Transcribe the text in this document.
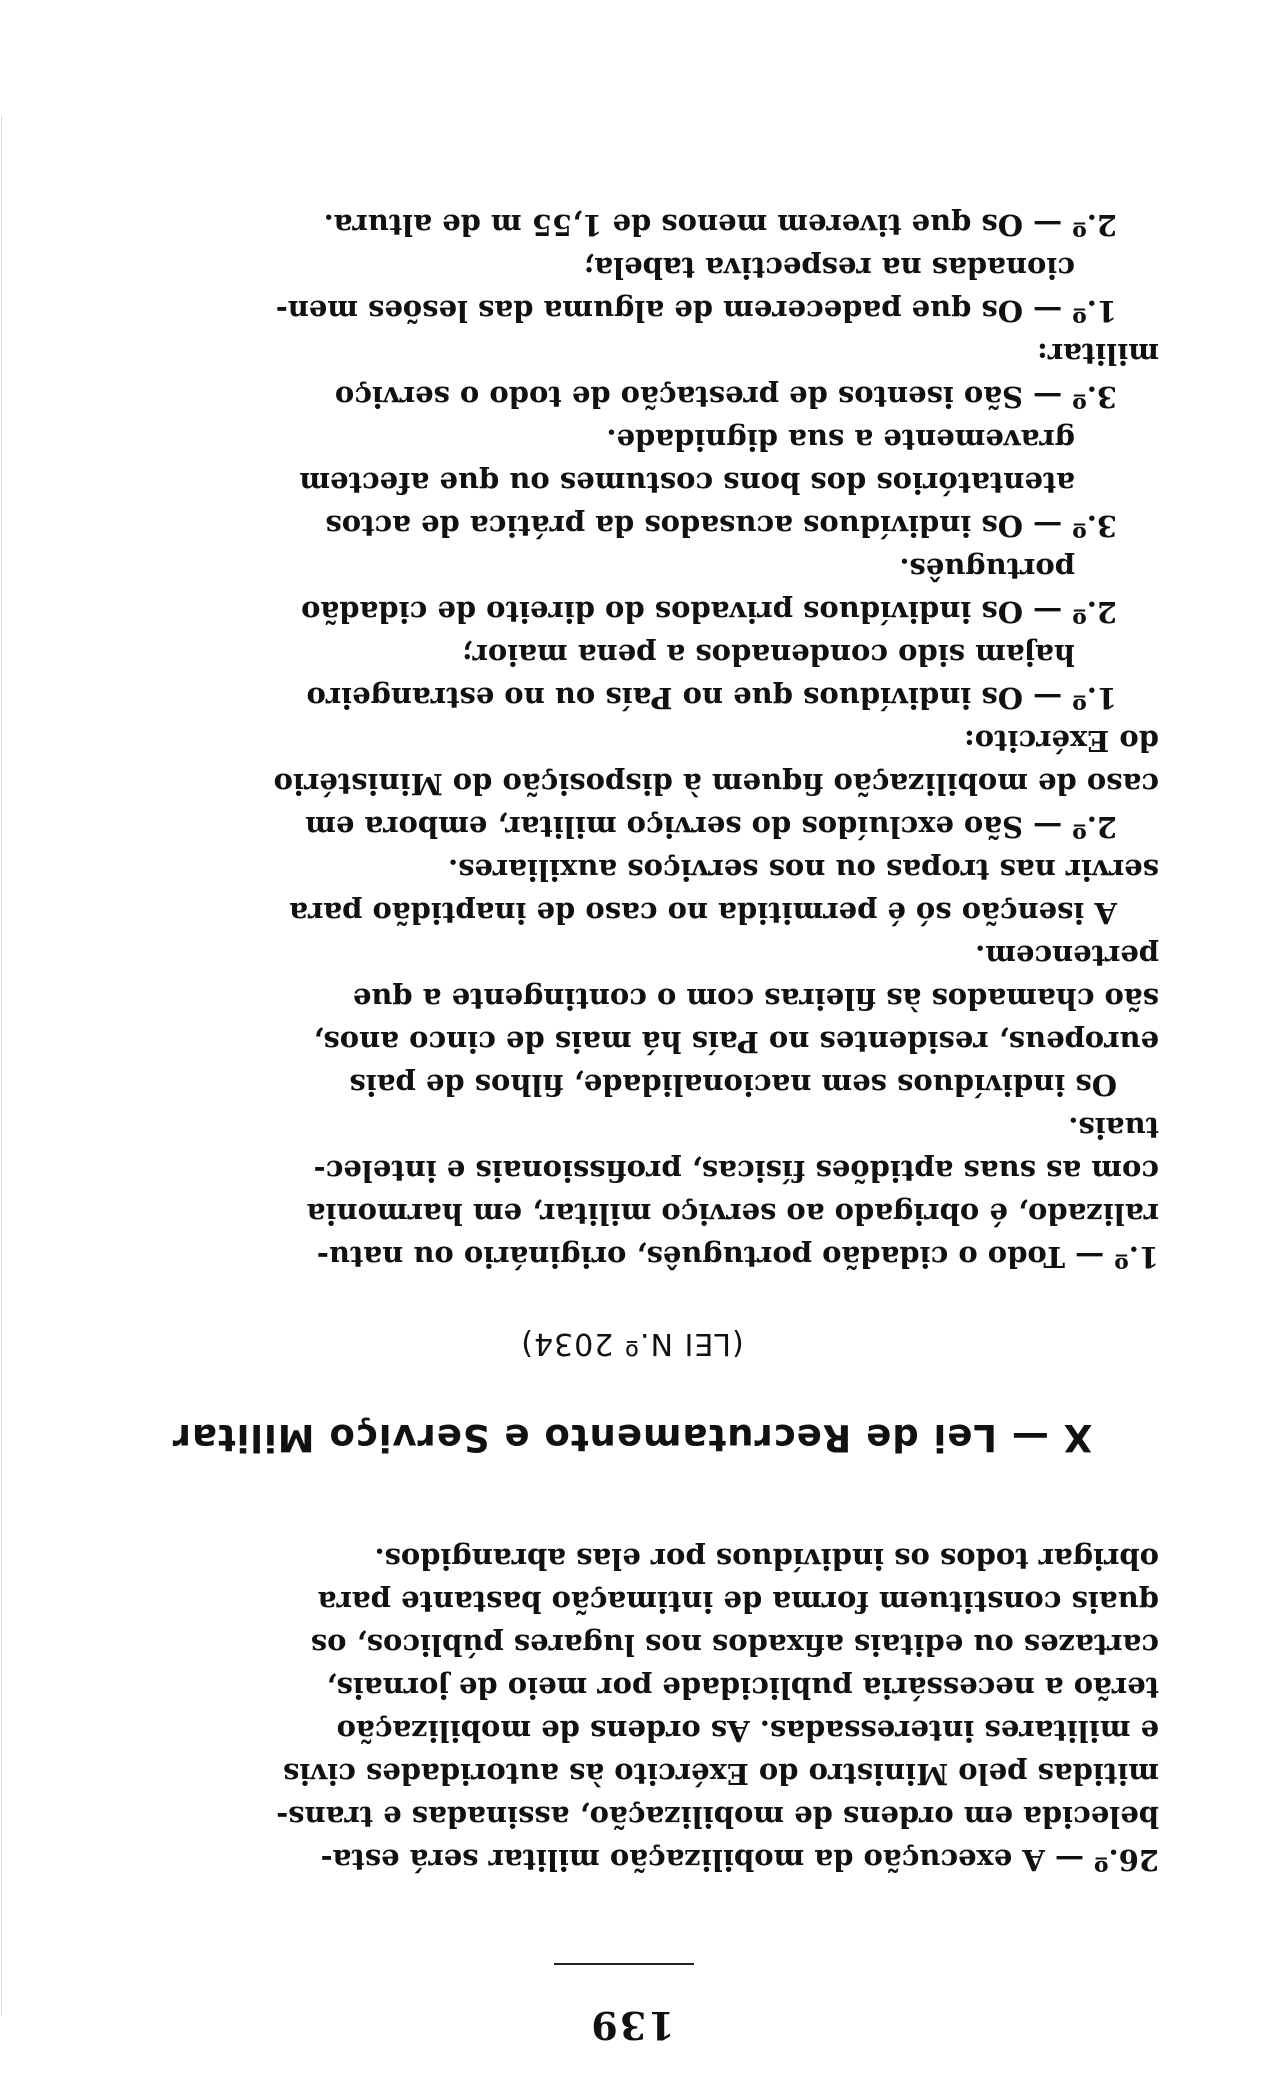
139

26.º — A execução da mobilização militar será esta-
belecida em ordens de mobilização, assinadas e trans-
mitidas pelo Ministro do Exército às autoridades civis
e militares interessadas. As ordens de mobilização
terão a necessária publicidade por meio de jornais,
cartazes ou editais afixados nos lugares públicos, os
quais constituem forma de intimação bastante para
obrigar todos os indivíduos por elas abrangidos.

X — Lei de Recrutamento e Serviço Militar
(LEI N.º 2034)

1.º — Todo o cidadão português, originário ou natu-
ralizado, é obrigado ao serviço militar, em harmonia
com as suas aptidões físicas, profissionais e intelec-
tuais.

Os indivíduos sem nacionalidade, filhos de pais
europeus, residentes no País há mais de cinco anos,
são chamados às fileiras com o contingente a que
pertencem.

A isenção só é permitida no caso de inaptidão para
servir nas tropas ou nos serviços auxiliares.

2.º — São excluídos do serviço militar, embora em
caso de mobilização fiquem à disposição do Ministério
do Exército:

1.º — Os indivíduos que no País ou no estrangeiro
hajam sido condenados a pena maior;

2.º — Os indivíduos privados do direito de cidadão
português.

3.º — Os indivíduos acusados da prática de actos
atentatórios dos bons costumes ou que afectem
gravemente a sua dignidade.

3.º — São isentos de prestação de todo o serviço
militar:

1.º — Os que padecerem de alguma das lesões men-
cionadas na respectiva tabela;

2.º — Os que tiverem menos de 1,55 m de altura.
